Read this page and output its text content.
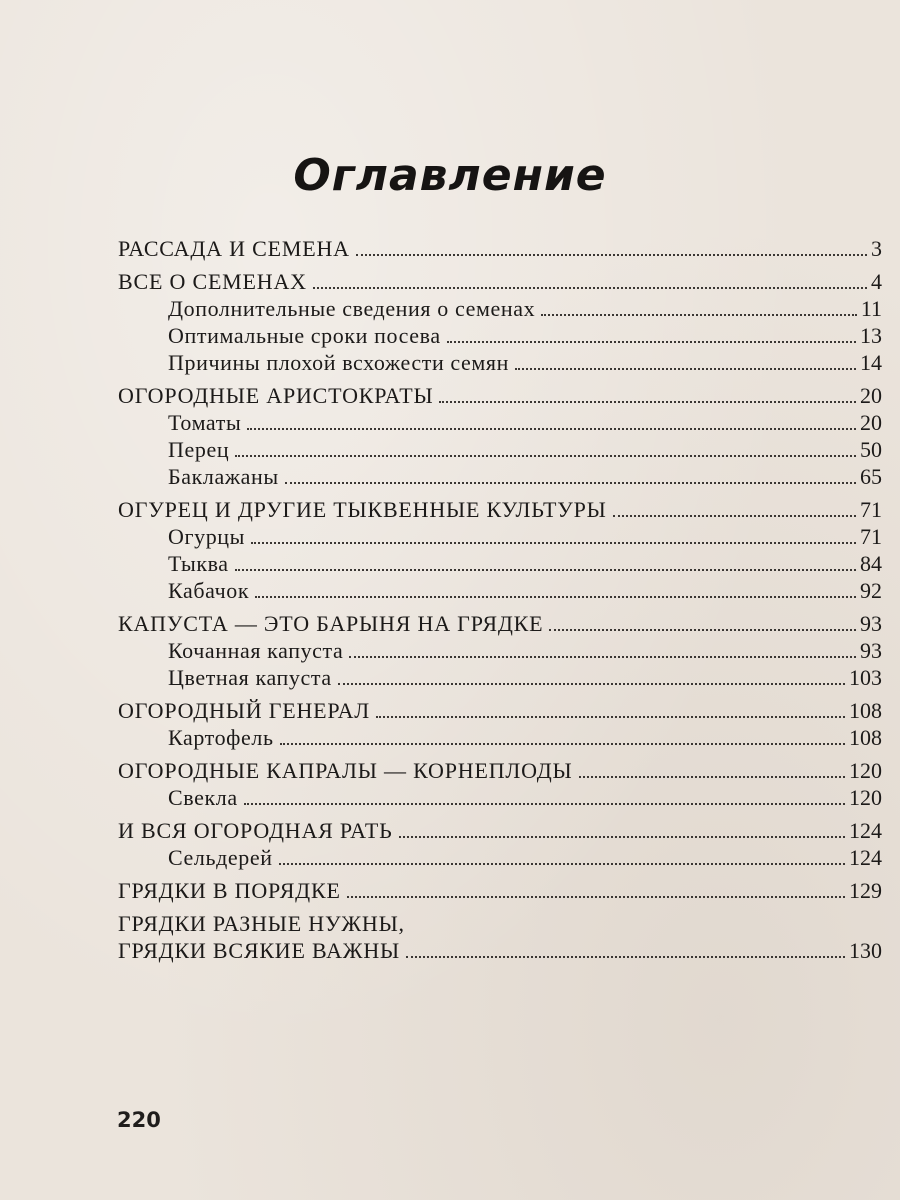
Оглавление
РАССАДА И СЕМЕНА	3
ВСЕ О СЕМЕНАХ	4
Дополнительные сведения о семенах	11
Оптимальные сроки посева	13
Причины плохой всхожести семян	14
ОГОРОДНЫЕ АРИСТОКРАТЫ	20
Томаты	20
Перец	50
Баклажаны	65
ОГУРЕЦ И ДРУГИЕ ТЫКВЕННЫЕ КУЛЬТУРЫ	71
Огурцы	71
Тыква	84
Кабачок	92
КАПУСТА — ЭТО БАРЫНЯ НА ГРЯДКЕ	93
Кочанная капуста	93
Цветная капуста	103
ОГОРОДНЫЙ ГЕНЕРАЛ	108
Картофель	108
ОГОРОДНЫЕ КАПРАЛЫ — КОРНЕПЛОДЫ	120
Свекла	120
И ВСЯ ОГОРОДНАЯ РАТЬ	124
Сельдерей	124
ГРЯДКИ В ПОРЯДКЕ	129
ГРЯДКИ РАЗНЫЕ НУЖНЫ,
ГРЯДКИ ВСЯКИЕ ВАЖНЫ	130
220
